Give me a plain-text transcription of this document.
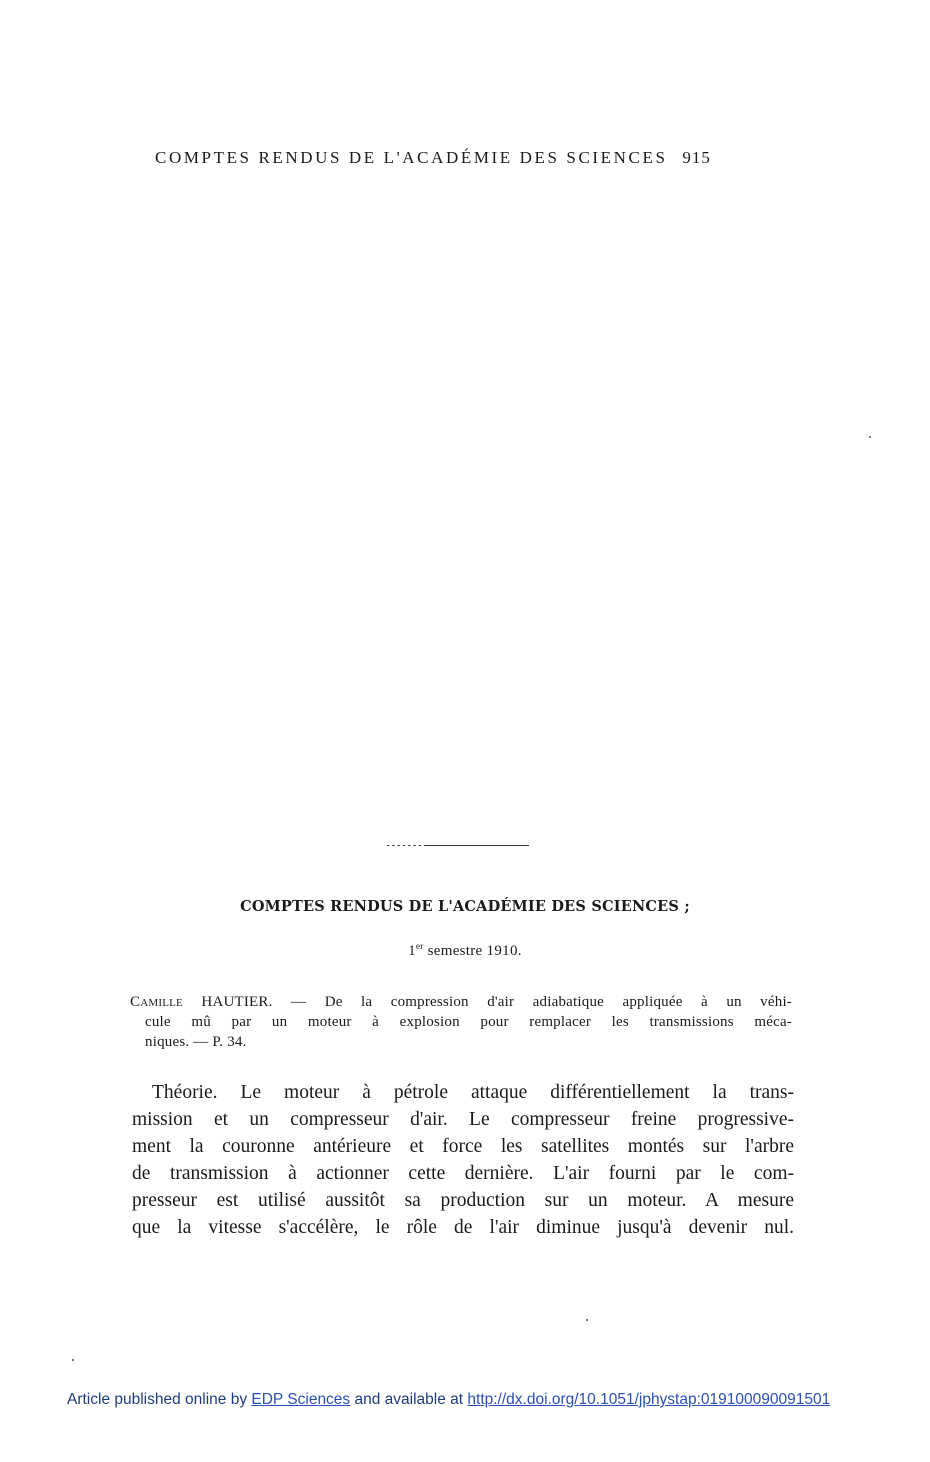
COMPTES RENDUS DE L'ACADÉMIE DES SCIENCES 915
COMPTES RENDUS DE L'ACADÉMIE DES SCIENCES ;
1er semestre 1910.
Camille HAUTIER. — De la compression d'air adiabatique appliquée à un véhi-
cule mû par un moteur à explosion pour remplacer les transmissions méca-
niques. — P. 34.
Théorie. Le moteur à pétrole attaque différentiellement la trans-
mission et un compresseur d'air. Le compresseur freine progressive-
ment la couronne antérieure et force les satellites montés sur l'arbre
de transmission à actionner cette dernière. L'air fourni par le com-
presseur est utilisé aussitôt sa production sur un moteur. A mesure
que la vitesse s'accélère, le rôle de l'air diminue jusqu'à devenir nul.
Article published online by EDP Sciences and available at http://dx.doi.org/10.1051/jphystap:019100090091501
